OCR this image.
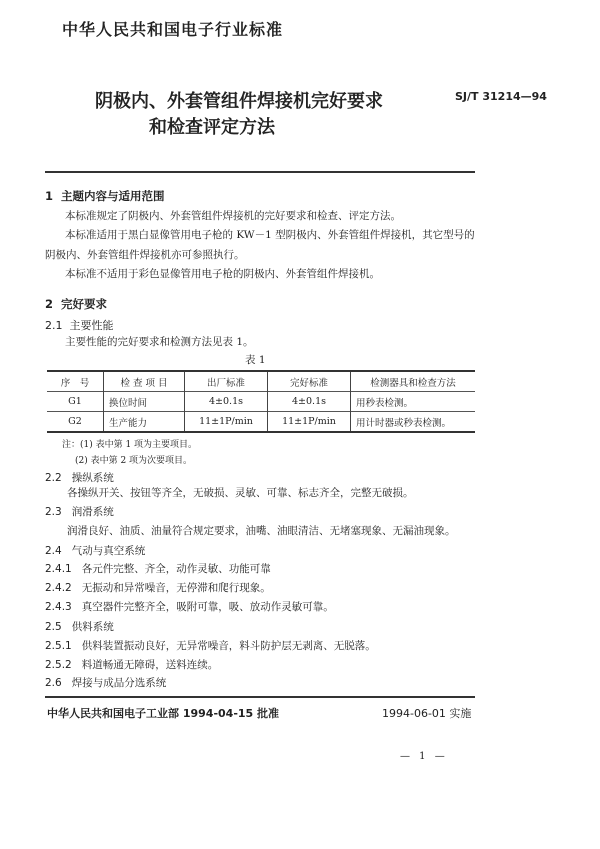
中华人民共和国电子行业标准
阴极内、外套管组件焊接机完好要求
和检查评定方法
SJ/T 31214—94
1 主题内容与适用范围
本标准规定了阴极内、外套管组件焊接机的完好要求和检查、评定方法。
本标准适用于黑白显像管用电子枪的 KW－1 型阴极内、外套管组件焊接机，其它型号的
阴极内、外套管组件焊接机亦可参照执行。
本标准不适用于彩色显像管用电子枪的阴极内、外套管组件焊接机。
2 完好要求
2.1 主要性能
主要性能的完好要求和检测方法见表 1。
表 1
序　号	检 查 项 目	出厂标准	完好标准	检测器具和检查方法
G1	换位时间	4±0.1s	4±0.1s	用秒表检测。
G2	生产能力	11±1P/min	11±1P/min	用计时器或秒表检测。
注：(1) 表中第 1 项为主要项目。
(2) 表中第 2 项为次要项目。
2.2 操纵系统
各操纵开关、按钮等齐全，无破损、灵敏、可靠、标志齐全，完整无破损。
2.3 润滑系统
润滑良好、油质、油量符合规定要求，油嘴、油眼清洁、无堵塞现象、无漏油现象。
2.4 气动与真空系统
2.4.1 各元件完整、齐全，动作灵敏、功能可靠
2.4.2 无振动和异常噪音，无停滞和爬行现象。
2.4.3 真空器件完整齐全，吸附可靠，吸、放动作灵敏可靠。
2.5 供料系统
2.5.1 供料装置振动良好，无异常噪音，料斗防护层无剥离、无脱落。
2.5.2 料道畅通无障碍，送料连续。
2.6 焊接与成品分选系统
中华人民共和国电子工业部 1994-04-15 批准	1994-06-01 实施
— 1 —
